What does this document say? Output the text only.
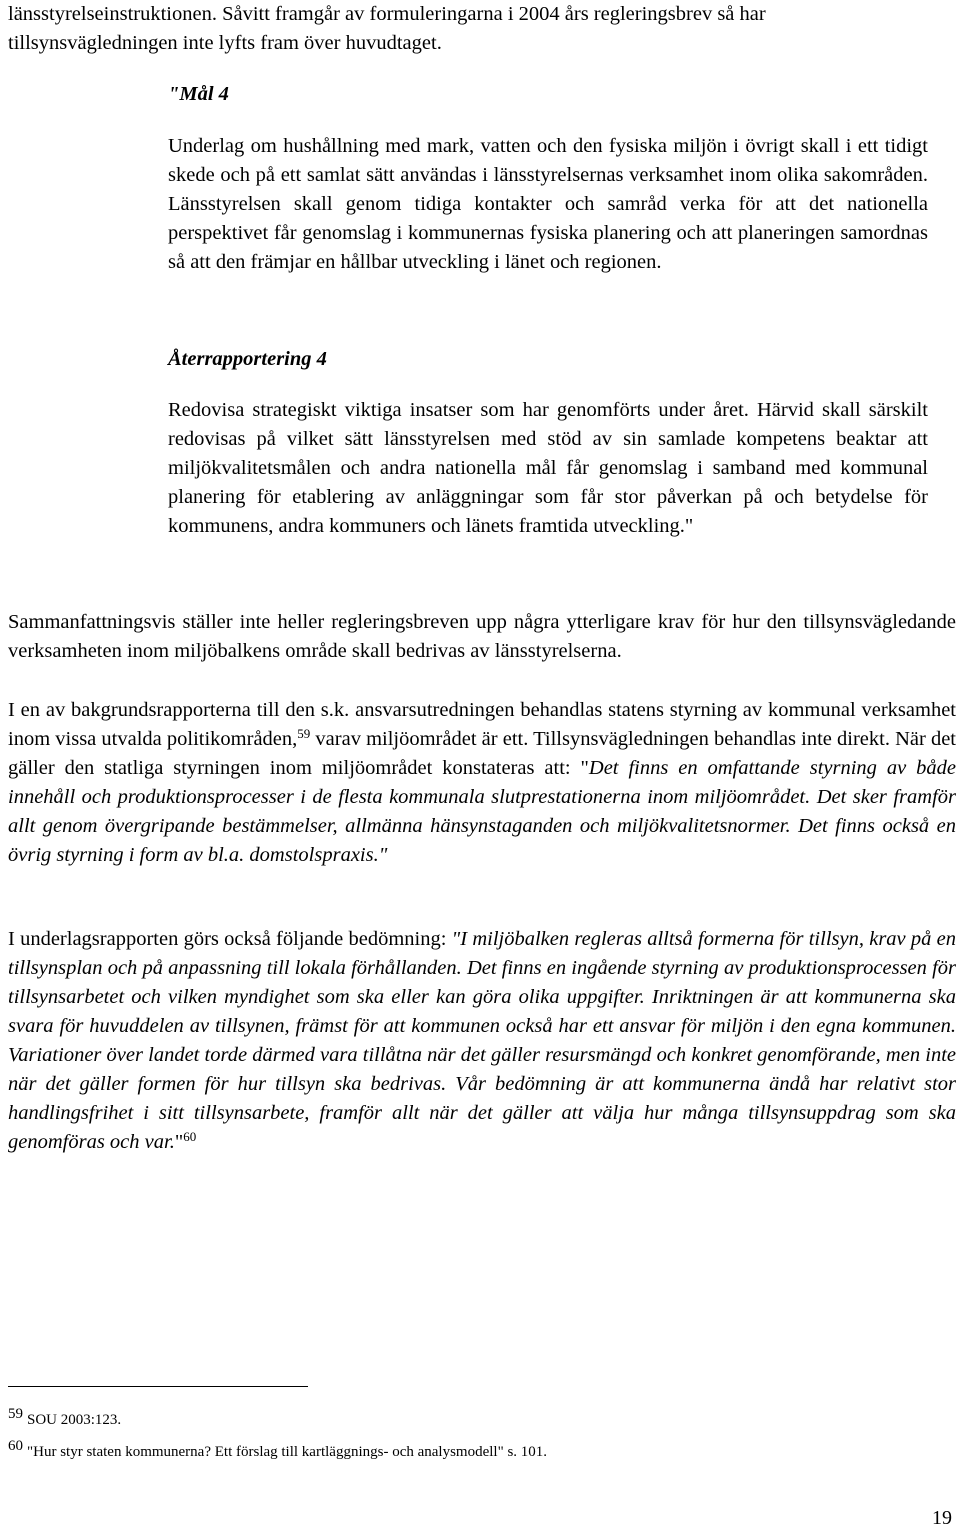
länsstyrelseinstruktionen. Såvitt framgår av formuleringarna i 2004 års regleringsbrev så har
tillsynsvägledningen inte lyfts fram över huvudtaget.

"Mål 4

Underlag om hushållning med mark, vatten och den fysiska miljön i övrigt skall i ett tidigt skede och på ett samlat sätt användas i länsstyrelsernas verksamhet inom olika sakområden. Länsstyrelsen skall genom tidiga kontakter och samråd verka för att det nationella perspektivet får genomslag i kommunernas fysiska planering och att planeringen samordnas så att den främjar en hållbar utveckling i länet och regionen.

Återrapportering 4

Redovisa strategiskt viktiga insatser som har genomförts under året. Härvid skall särskilt redovisas på vilket sätt länsstyrelsen med stöd av sin samlade kompetens beaktar att miljökvalitetsmålen och andra nationella mål får genomslag i samband med kommunal planering för etablering av anläggningar som får stor påverkan på och betydelse för kommunens, andra kommuners och länets framtida utveckling."

Sammanfattningsvis ställer inte heller regleringsbreven upp några ytterligare krav för hur den tillsynsvägledande verksamheten inom miljöbalkens område skall bedrivas av länsstyrelserna.

I en av bakgrundsrapporterna till den s.k. ansvarsutredningen behandlas statens styrning av kommunal verksamhet inom vissa utvalda politikområden,$^{59}$ varav miljöområdet är ett. Tillsynsvägledningen behandlas inte direkt. När det gäller den statliga styrningen inom miljöområdet konstateras att: "Det finns en omfattande styrning av både innehåll och produktionsprocesser i de flesta kommunala slutprestationerna inom miljöområdet. Det sker framför allt genom övergripande bestämmelser, allmänna hänsynstaganden och miljökvalitetsnormer. Det finns också en övrig styrning i form av bl.a. domstolspraxis."

I underlagsrapporten görs också följande bedömning: "I miljöbalken regleras alltså formerna för tillsyn, krav på en tillsynsplan och på anpassning till lokala förhållanden. Det finns en ingående styrning av produktionsprocessen för tillsynsarbetet och vilken myndighet som ska eller kan göra olika uppgifter. Inriktningen är att kommunerna ska svara för huvuddelen av tillsynen, främst för att kommunen också har ett ansvar för miljön i den egna kommunen. Variationer över landet torde därmed vara tillåtna när det gäller resursmängd och konkret genomförande, men inte när det gäller formen för hur tillsyn ska bedrivas. Vår bedömning är att kommunerna ändå har relativt stor handlingsfrihet i sitt tillsynsarbete, framför allt när det gäller att välja hur många tillsynsuppdrag som ska genomföras och var."$^{60}$

59 SOU 2003:123.

60 "Hur styr staten kommunerna? Ett förslag till kartläggnings- och analysmodell" s. 101.

19
